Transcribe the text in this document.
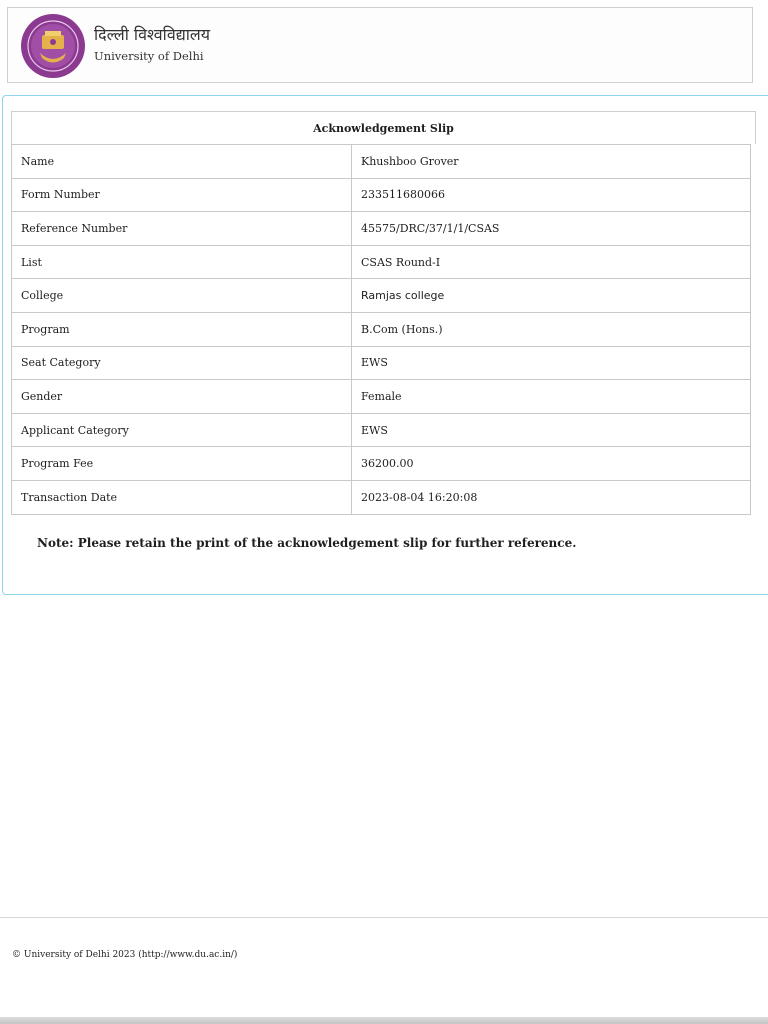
दिल्ली विश्वविद्यालय
University of Delhi
Acknowledgement Slip
Name	Khushboo Grover
Form Number	233511680066
Reference Number	45575/DRC/37/1/1/CSAS
List	CSAS Round-I
College	Ramjas college
Program	B.Com (Hons.)
Seat Category	EWS
Gender	Female
Applicant Category	EWS
Program Fee	36200.00
Transaction Date	2023-08-04 16:20:08
Note: Please retain the print of the acknowledgement slip for further reference.
© University of Delhi 2023 (http://www.du.ac.in/)
